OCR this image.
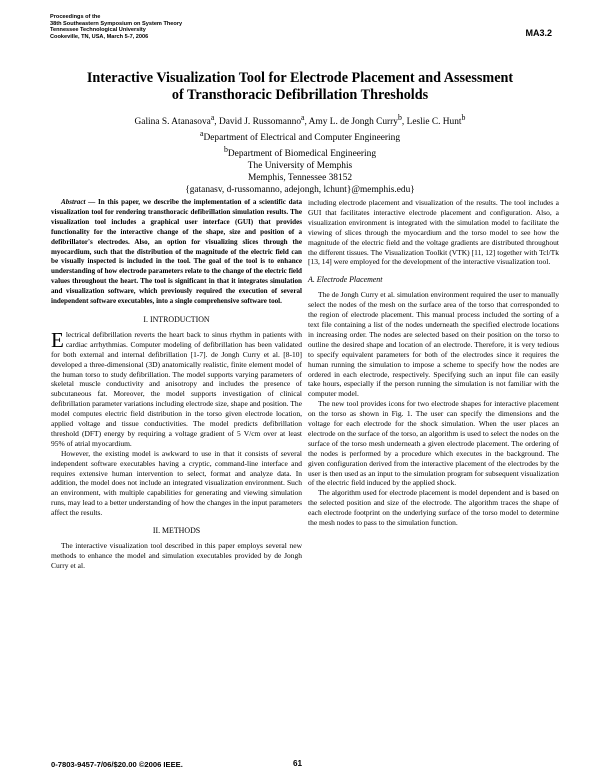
Proceedings of the
38th Southeastern Symposium on System Theory
Tennessee Technological University
Cookeville, TN, USA, March 5-7, 2006	MA3.2
Interactive Visualization Tool for Electrode Placement and Assessment
of Transthoracic Defibrillation Thresholds
Galina S. Atanasova$^a$, David J. Russomanno$^a$, Amy L. de Jongh Curry$^b$, Leslie C. Hunt$^b$
$^a$Department of Electrical and Computer Engineering
$^b$Department of Biomedical Engineering
The University of Memphis
Memphis, Tennessee 38152
{gatanasv, d-russomanno, adejongh, lchunt}@memphis.edu}

Abstract — In this paper, we describe the implementation of a scientific data visualization tool for rendering transthoracic defibrillation simulation results. The visualization tool includes a graphical user interface (GUI) that provides functionality for the interactive change of the shape, size and position of a defibrillator's electrodes. Also, an option for visualizing slices through the myocardium, such that the distribution of the magnitude of the electric field can be visually inspected is included in the tool. The goal of the tool is to enhance understanding of how electrode parameters relate to the change of the electric field values throughout the heart. The tool is significant in that it integrates simulation and visualization software, which previously required the execution of several independent software executables, into a single comprehensive software tool.

I. INTRODUCTION

Electrical defibrillation reverts the heart back to sinus rhythm in patients with cardiac arrhythmias. Computer modeling of defibrillation has been validated for both external and internal defibrillation [1-7]. de Jongh Curry et al. [8-10] developed a three-dimensional (3D) anatomically realistic, finite element model of the human torso to study defibrillation. The model supports varying parameters of skeletal muscle conductivity and anisotropy and includes the presence of subcutaneous fat. Moreover, the model supports investigation of clinical defibrillation parameter variations including electrode size, shape and position. The model computes electric field distribution in the torso given electrode location, applied voltage and tissue conductivities. The model predicts defibrillation threshold (DFT) energy by requiring a voltage gradient of 5 V/cm over at least 95% of atrial myocardium.

However, the existing model is awkward to use in that it consists of several independent software executables having a cryptic, command-line interface and requires extensive human intervention to select, format and analyze data. In addition, the model does not include an integrated visualization environment. Such an environment, with multiple capabilities for generating and viewing simulation runs, may lead to a better understanding of how the changes in the input parameters affect the results.

II. METHODS

The interactive visualization tool described in this paper employs several new methods to enhance the model and simulation executables provided by de Jongh Curry et al.

including electrode placement and visualization of the results. The tool includes a GUI that facilitates interactive electrode placement and configuration. Also, a visualization environment is integrated with the simulation model to facilitate the viewing of slices through the myocardium and the torso model to see how the magnitude of the electric field and the voltage gradients are distributed throughout the different tissues. The Visualization Toolkit (VTK) [11, 12] together with Tcl/Tk [13, 14] were employed for the development of the interactive visualization tool.

A. Electrode Placement

The de Jongh Curry et al. simulation environment required the user to manually select the nodes of the mesh on the surface area of the torso that corresponded to the region of electrode placement. This manual process included the sorting of a text file containing a list of the nodes underneath the specified electrode locations in increasing order. The nodes are selected based on their position on the torso to outline the desired shape and location of an electrode. Therefore, it is very tedious to specify equivalent parameters for both of the electrodes since it requires the human running the simulation to impose a scheme to specify how the nodes are ordered in each electrode, respectively. Specifying such an input file can easily take hours, especially if the person running the simulation is not familiar with the computer model.

The new tool provides icons for two electrode shapes for interactive placement on the torso as shown in Fig. 1. The user can specify the dimensions and the voltage for each electrode for the shock simulation. When the user places an electrode on the surface of the torso, an algorithm is used to select the nodes on the surface of the torso mesh underneath a given electrode placement. The ordering of the nodes is performed by a procedure which executes in the background. The given configuration derived from the interactive placement of the electrodes by the user is then used as an input to the simulation program for subsequent visualization of the electric field induced by the applied shock.

The algorithm used for electrode placement is model dependent and is based on the selected position and size of the electrode. The algorithm traces the shape of each electrode footprint on the underlying surface of the torso model to determine the mesh nodes to pass to the simulation function.

0-7803-9457-7/06/$20.00 ©2006 IEEE.	61
